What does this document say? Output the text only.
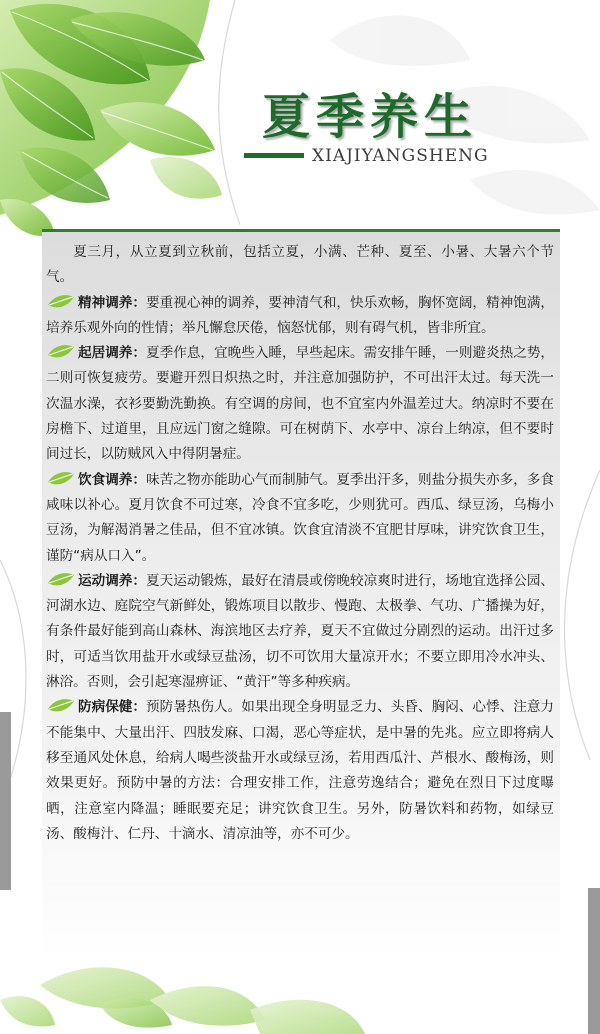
夏季养生
XIAJIYANGSHENG

夏三月，从立夏到立秋前，包括立夏，小满、芒种、夏至、小暑、大暑六个节气。

精神调养：要重视心神的调养，要神清气和，快乐欢畅，胸怀宽阔，精神饱满，培养乐观外向的性情；举凡懈怠厌倦，恼怒忧郁，则有碍气机，皆非所宜。

起居调养：夏季作息，宜晚些入睡，早些起床。需安排午睡，一则避炎热之势，二则可恢复疲劳。要避开烈日炽热之时，并注意加强防护，不可出汗太过。每天洗一次温水澡，衣衫要勤洗勤换。有空调的房间，也不宜室内外温差过大。纳凉时不要在房檐下、过道里，且应远门窗之缝隙。可在树荫下、水亭中、凉台上纳凉，但不要时间过长，以防贼风入中得阴暑症。

饮食调养：味苦之物亦能助心气而制肺气。夏季出汗多，则盐分损失亦多，多食咸味以补心。夏月饮食不可过寒，冷食不宜多吃，少则犹可。西瓜、绿豆汤，乌梅小豆汤，为解渴消暑之佳品，但不宜冰镇。饮食宜清淡不宜肥甘厚味，讲究饮食卫生，谨防“病从口入”。

运动调养：夏天运动锻炼，最好在清晨或傍晚较凉爽时进行，场地宜选择公园、河湖水边、庭院空气新鲜处，锻炼项目以散步、慢跑、太极拳、气功、广播操为好，有条件最好能到高山森林、海滨地区去疗养，夏天不宜做过分剧烈的运动。出汗过多时，可适当饮用盐开水或绿豆盐汤，切不可饮用大量凉开水；不要立即用冷水冲头、淋浴。否则，会引起寒湿痹证、“黄汗”等多种疾病。

防病保健：预防暑热伤人。如果出现全身明显乏力、头昏、胸闷、心悸、注意力不能集中、大量出汗、四肢发麻、口渴，恶心等症状，是中暑的先兆。应立即将病人移至通风处休息，给病人喝些淡盐开水或绿豆汤，若用西瓜汁、芦根水、酸梅汤，则效果更好。预防中暑的方法：合理安排工作，注意劳逸结合；避免在烈日下过度曝晒，注意室内降温；睡眠要充足；讲究饮食卫生。另外，防暑饮料和药物，如绿豆汤、酸梅汁、仁丹、十滴水、清凉油等，亦不可少。
